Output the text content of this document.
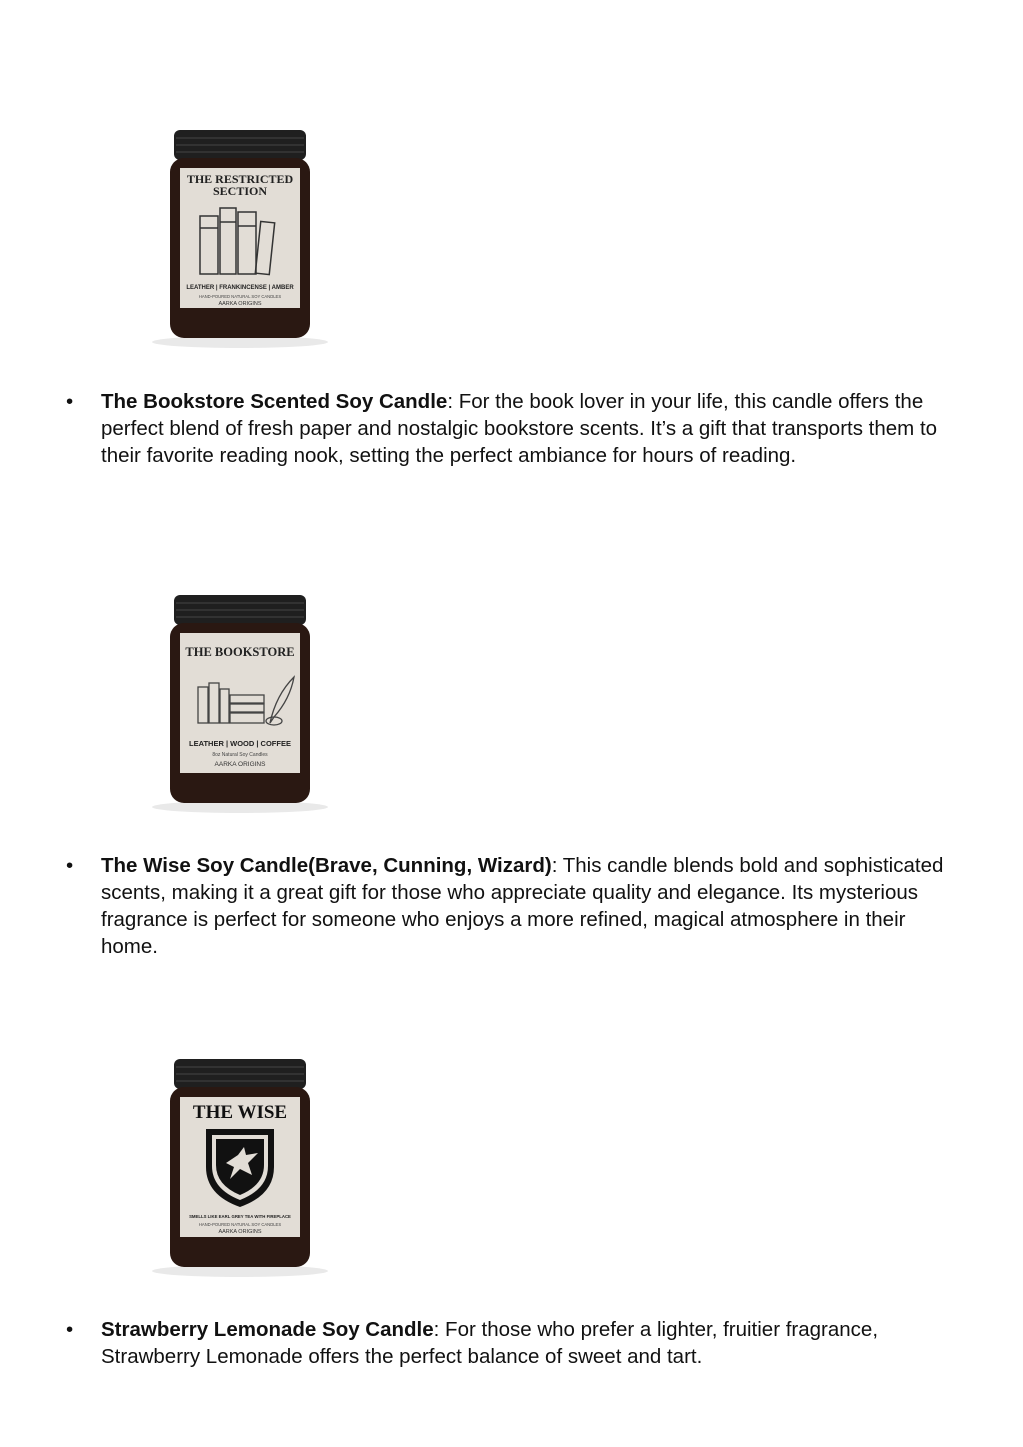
THE RESTRICTED
SECTION
LEATHER | FRANKINCENSE | AMBER
HAND-POURED NATURAL SOY CANDLES
AARKA ORIGINS
•	The Bookstore Scented Soy Candle: For the book lover in your life, this candle offers the perfect blend of fresh paper and nostalgic bookstore scents. It’s a gift that transports them to their favorite reading nook, setting the perfect ambiance for hours of reading.
THE BOOKSTORE
LEATHER | WOOD | COFFEE
8oz Natural Soy Candles
AARKA ORIGINS
•	The Wise Soy Candle(Brave, Cunning, Wizard): This candle blends bold and sophisticated scents, making it a great gift for those who appreciate quality and elegance. Its mysterious fragrance is perfect for someone who enjoys a more refined, magical atmosphere in their home.
THE WISE
SMELLS LIKE EARL GREY TEA WITH FIREPLACE
HAND-POURED NATURAL SOY CANDLES
AARKA ORIGINS
•	Strawberry Lemonade Soy Candle: For those who prefer a lighter, fruitier fragrance, Strawberry Lemonade offers the perfect balance of sweet and tart.
